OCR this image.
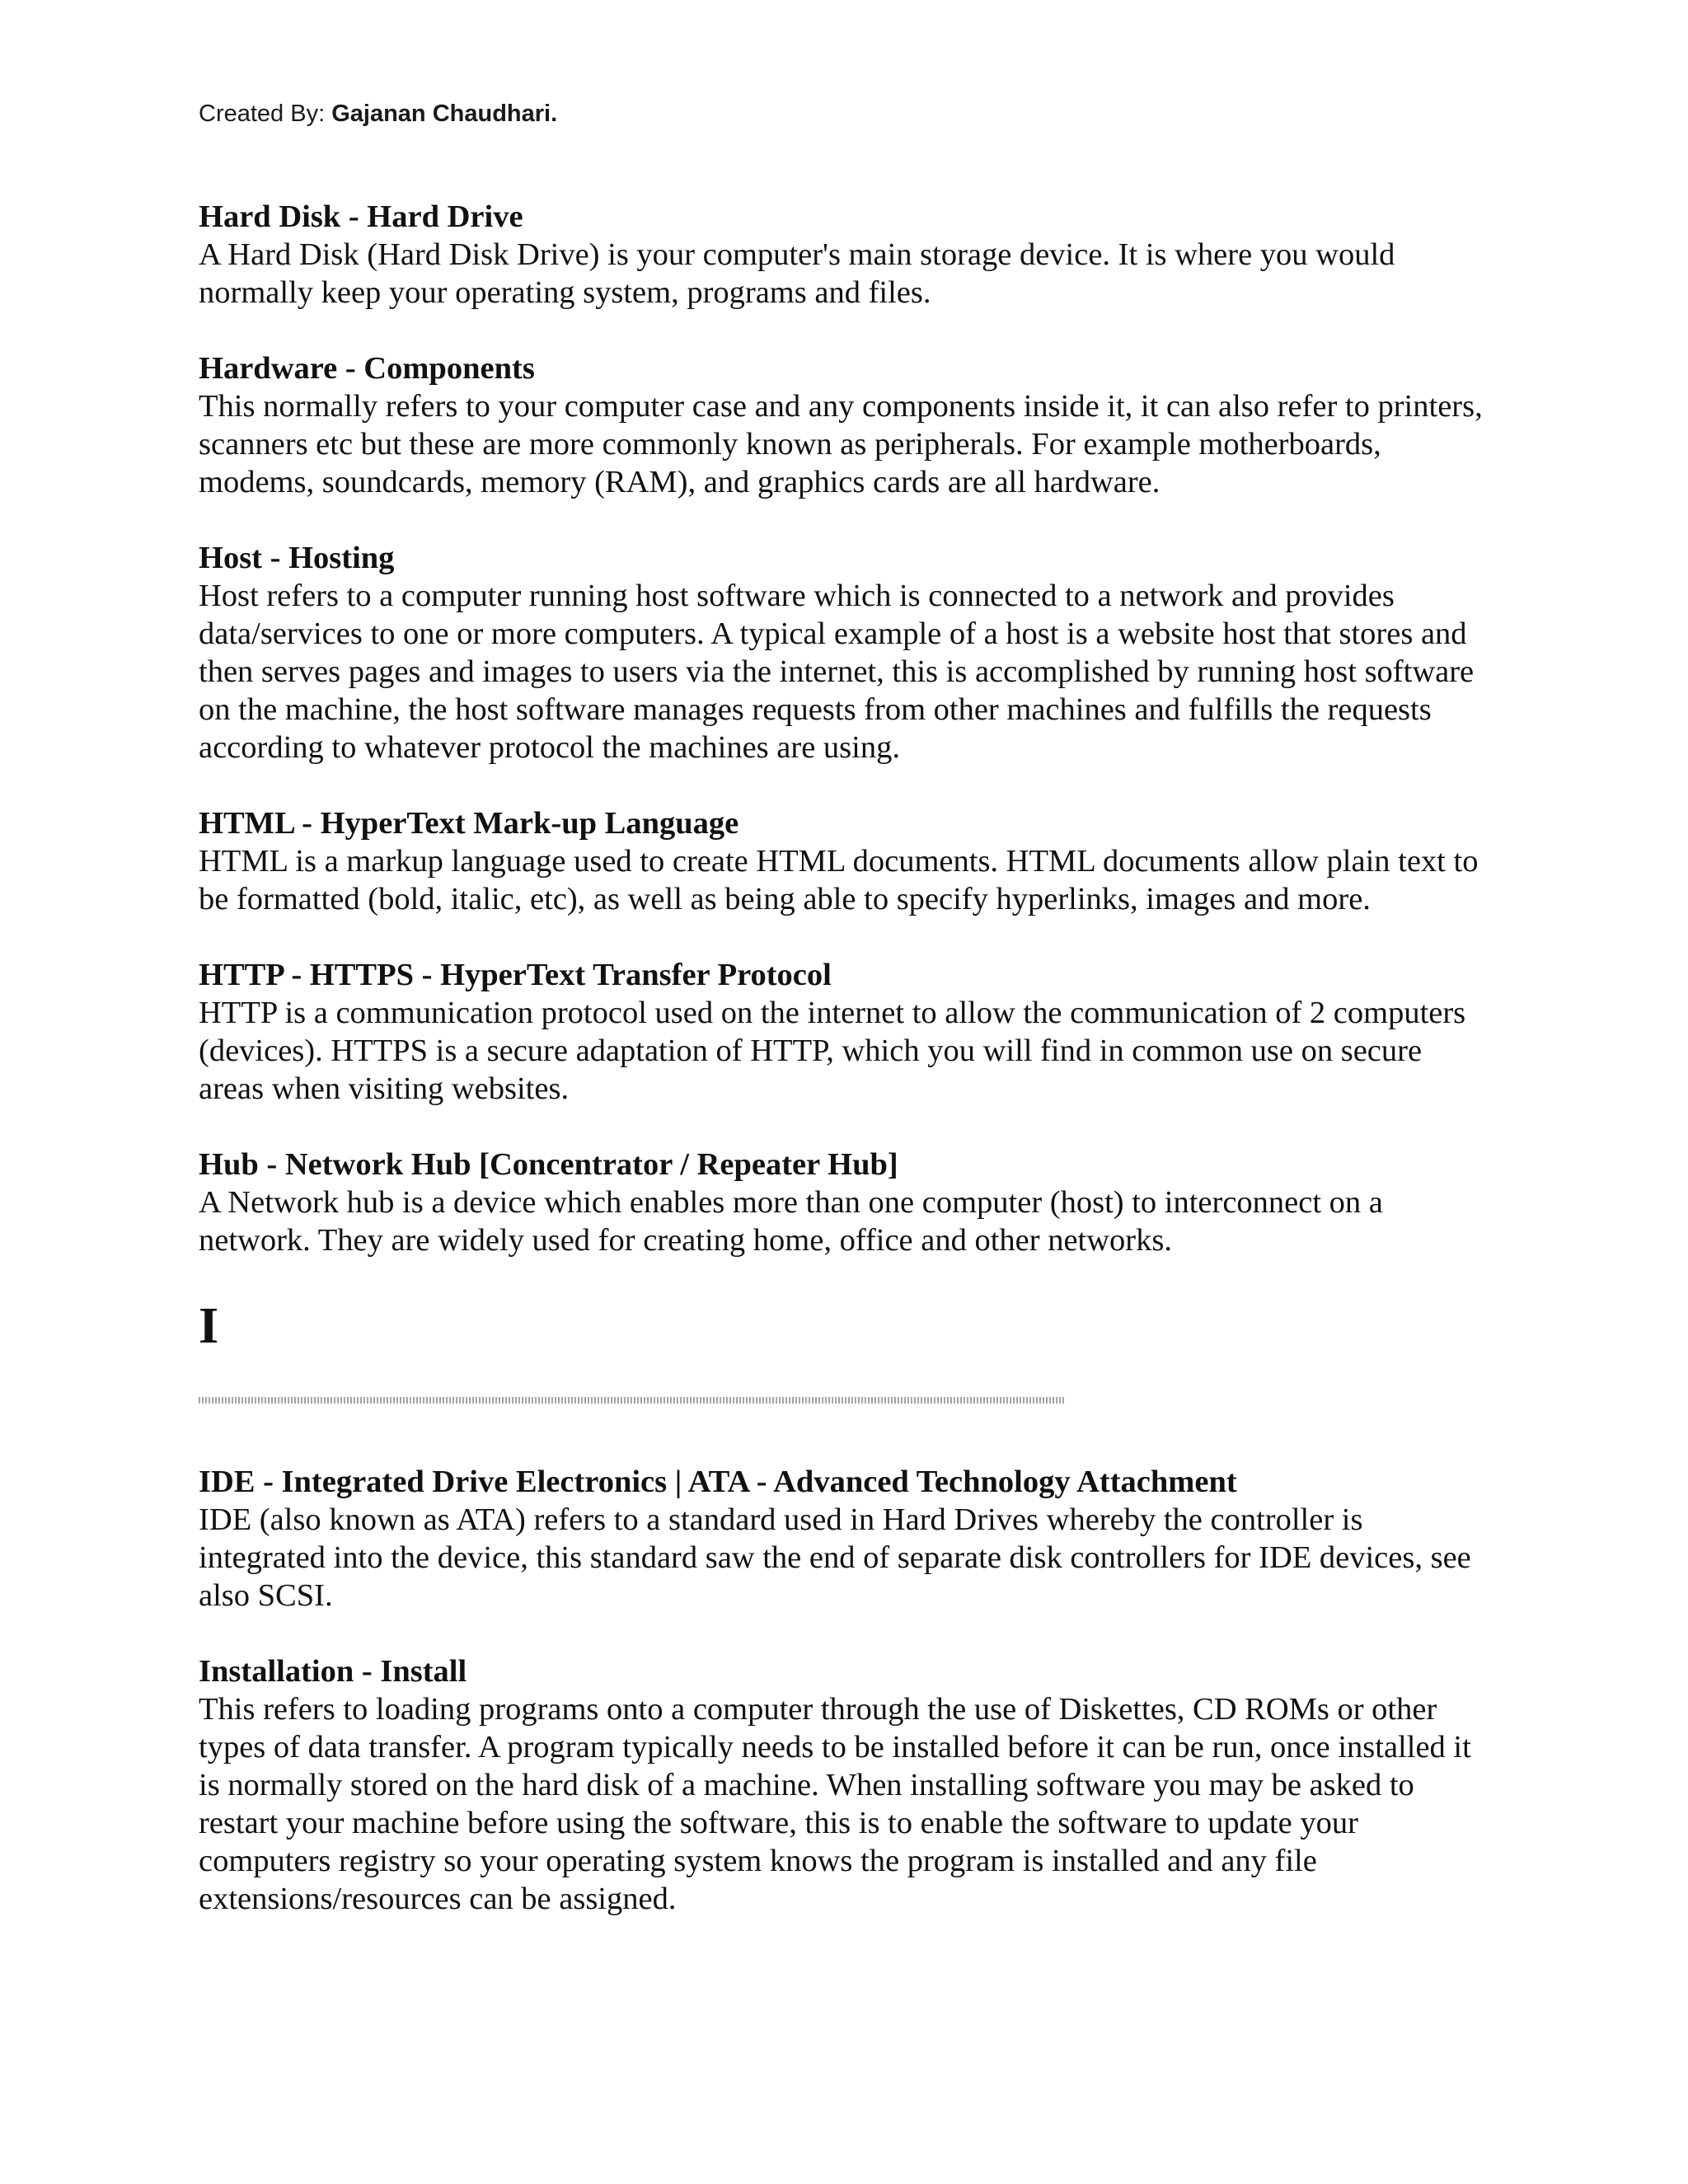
Created By: Gajanan Chaudhari.

Hard Disk - Hard Drive

A Hard Disk (Hard Disk Drive) is your computer's main storage device. It is where you would normally keep your operating system, programs and files.

Hardware - Components

This normally refers to your computer case and any components inside it, it can also refer to printers, scanners etc but these are more commonly known as peripherals. For example motherboards, modems, soundcards, memory (RAM), and graphics cards are all hardware.

Host - Hosting

Host refers to a computer running host software which is connected to a network and provides data/services to one or more computers. A typical example of a host is a website host that stores and then serves pages and images to users via the internet, this is accomplished by running host software on the machine, the host software manages requests from other machines and fulfills the requests according to whatever protocol the machines are using.

HTML - HyperText Mark-up Language

HTML is a markup language used to create HTML documents. HTML documents allow plain text to be formatted (bold, italic, etc), as well as being able to specify hyperlinks, images and more.

HTTP - HTTPS - HyperText Transfer Protocol

HTTP is a communication protocol used on the internet to allow the communication of 2 computers (devices). HTTPS is a secure adaptation of HTTP, which you will find in common use on secure areas when visiting websites.

Hub - Network Hub [Concentrator / Repeater Hub]

A Network hub is a device which enables more than one computer (host) to interconnect on a network. They are widely used for creating home, office and other networks.

I

IDE - Integrated Drive Electronics | ATA - Advanced Technology Attachment

IDE (also known as ATA) refers to a standard used in Hard Drives whereby the controller is integrated into the device, this standard saw the end of separate disk controllers for IDE devices, see also SCSI.

Installation - Install

This refers to loading programs onto a computer through the use of Diskettes, CD ROMs or other types of data transfer. A program typically needs to be installed before it can be run, once installed it is normally stored on the hard disk of a machine. When installing software you may be asked to restart your machine before using the software, this is to enable the software to update your computers registry so your operating system knows the program is installed and any file extensions/resources can be assigned.
